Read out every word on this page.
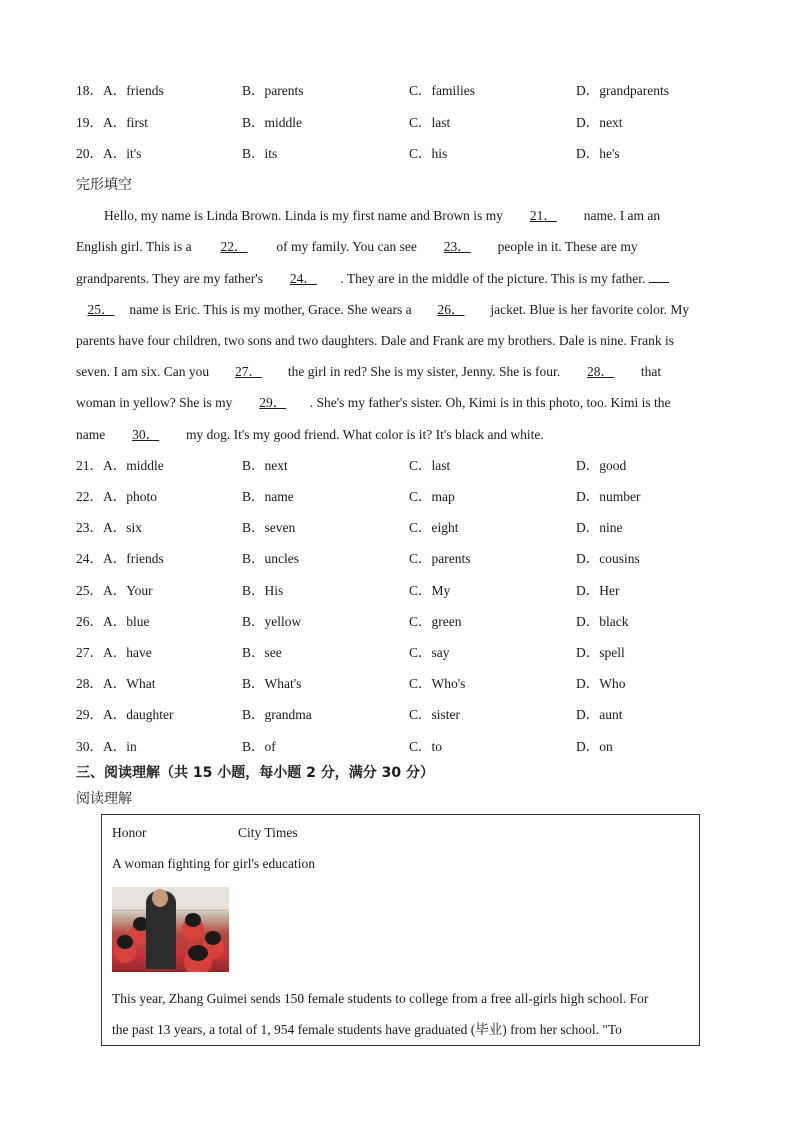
18．A．friends	B．parents	C．families	D．grandparents
19．A．first	B．middle	C．last	D．next
20．A．it's	B．its	C．his	D．he's
完形填空
Hello, my name is Linda Brown. Linda is my first name and Brown is my 21． name. I am an
English girl. This is a 22． of my family. You can see 23． people in it. These are my
grandparents. They are my father's 24． . They are in the middle of the picture. This is my father.
25． name is Eric. This is my mother, Grace. She wears a 26． jacket. Blue is her favorite color. My
parents have four children, two sons and two daughters. Dale and Frank are my brothers. Dale is nine. Frank is
seven. I am six. Can you 27． the girl in red? She is my sister, Jenny. She is four. 28． that
woman in yellow? She is my 29． . She's my father's sister. Oh, Kimi is in this photo, too. Kimi is the
name 30． my dog. It's my good friend. What color is it? It's black and white.
21．A．middle	B．next	C．last	D．good
22．A．photo	B．name	C．map	D．number
23．A．six	B．seven	C．eight	D．nine
24．A．friends	B．uncles	C．parents	D．cousins
25．A．Your	B．His	C．My	D．Her
26．A．blue	B．yellow	C．green	D．black
27．A．have	B．see	C．say	D．spell
28．A．What	B．What's	C．Who's	D．Who
29．A．daughter	B．grandma	C．sister	D．aunt
30．A．in	B．of	C．to	D．on
三、阅读理解（共 15 小题，每小题 2 分，满分 30 分）
阅读理解
Honor	City Times
A woman fighting for girl's education
This year, Zhang Guimei sends 150 female students to college from a free all-girls high school. For
the past 13 years, a total of 1, 954 female students have graduated (毕业) from her school. "To
